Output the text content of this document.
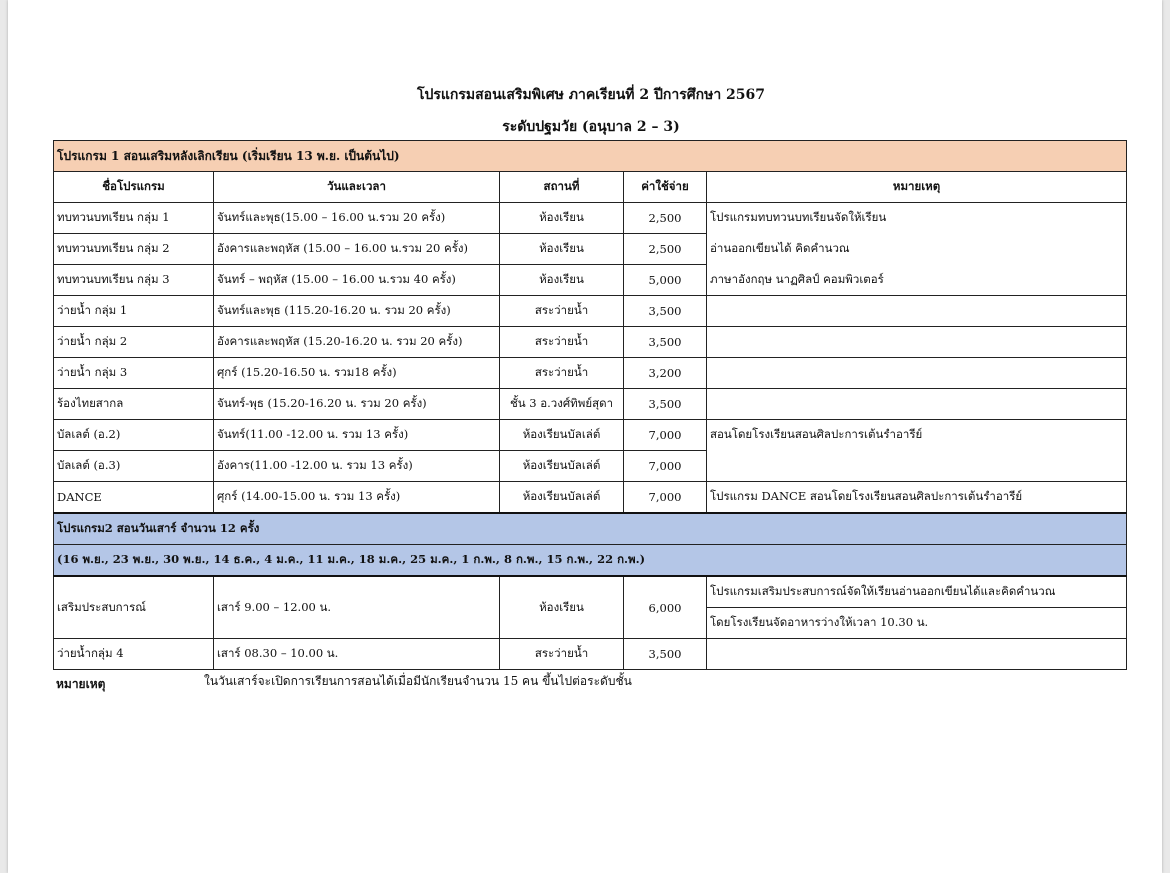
โปรแกรมสอนเสริมพิเศษ ภาคเรียนที่ 2 ปีการศึกษา 2567
ระดับปฐมวัย (อนุบาล 2 – 3)
โปรแกรม 1 สอนเสริมหลังเลิกเรียน (เริ่มเรียน 13 พ.ย. เป็นต้นไป)				
ชื่อโปรแกรม	วันและเวลา	สถานที่	ค่าใช้จ่าย	หมายเหตุ
ทบทวนบทเรียน กลุ่ม 1	จันทร์และพุธ(15.00 – 16.00 น.รวม 20 ครั้ง)	ห้องเรียน	2,500	โปรแกรมทบทวนบทเรียนจัดให้เรียน
ทบทวนบทเรียน กลุ่ม 2	อังคารและพฤหัส (15.00 – 16.00 น.รวม 20 ครั้ง)	ห้องเรียน	2,500	อ่านออกเขียนได้ คิดคำนวณ
ทบทวนบทเรียน กลุ่ม 3	จันทร์ – พฤหัส (15.00 – 16.00 น.รวม 40 ครั้ง)	ห้องเรียน	5,000	ภาษาอังกฤษ นาฏศิลป์ คอมพิวเตอร์
ว่ายน้ำ กลุ่ม 1	จันทร์และพุธ (115.20-16.20 น. รวม 20 ครั้ง)	สระว่ายน้ำ	3,500	
ว่ายน้ำ กลุ่ม 2	อังคารและพฤหัส (15.20-16.20 น. รวม 20 ครั้ง)	สระว่ายน้ำ	3,500	
ว่ายน้ำ กลุ่ม 3	ศุกร์ (15.20-16.50 น. รวม18 ครั้ง)	สระว่ายน้ำ	3,200	
ร้องไทยสากล	จันทร์-พุธ (15.20-16.20 น. รวม 20 ครั้ง)	ชั้น 3 อ.วงศ์ทิพย์สุดา	3,500	
บัลเลต์ (อ.2)	จันทร์(11.00 -12.00 น. รวม 13 ครั้ง)	ห้องเรียนบัลเล่ต์	7,000	สอนโดยโรงเรียนสอนศิลปะการเต้นรำอารีย์
บัลเลต์ (อ.3)	อังคาร(11.00 -12.00 น. รวม 13 ครั้ง)	ห้องเรียนบัลเล่ต์	7,000	
DANCE	ศุกร์ (14.00-15.00 น. รวม 13 ครั้ง)	ห้องเรียนบัลเล่ต์	7,000	โปรแกรม DANCE สอนโดยโรงเรียนสอนศิลปะการเต้นรำอารีย์
โปรแกรม2 สอนวันเสาร์ จำนวน 12 ครั้ง				
(16 พ.ย., 23 พ.ย., 30 พ.ย., 14 ธ.ค., 4 ม.ค., 11 ม.ค., 18 ม.ค., 25 ม.ค., 1 ก.พ., 8 ก.พ., 15 ก.พ., 22 ก.พ.)				
เสริมประสบการณ์	เสาร์ 9.00 – 12.00 น.	ห้องเรียน	6,000	โปรแกรมเสริมประสบการณ์จัดให้เรียนอ่านออกเขียนได้และคิดคำนวณ
				โดยโรงเรียนจัดอาหารว่างให้เวลา 10.30 น.
ว่ายน้ำกลุ่ม 4	เสาร์ 08.30 – 10.00 น.	สระว่ายน้ำ	3,500	
หมายเหตุ	ในวันเสาร์จะเปิดการเรียนการสอนได้เมื่อมีนักเรียนจำนวน 15 คน ขึ้นไปต่อระดับชั้น
